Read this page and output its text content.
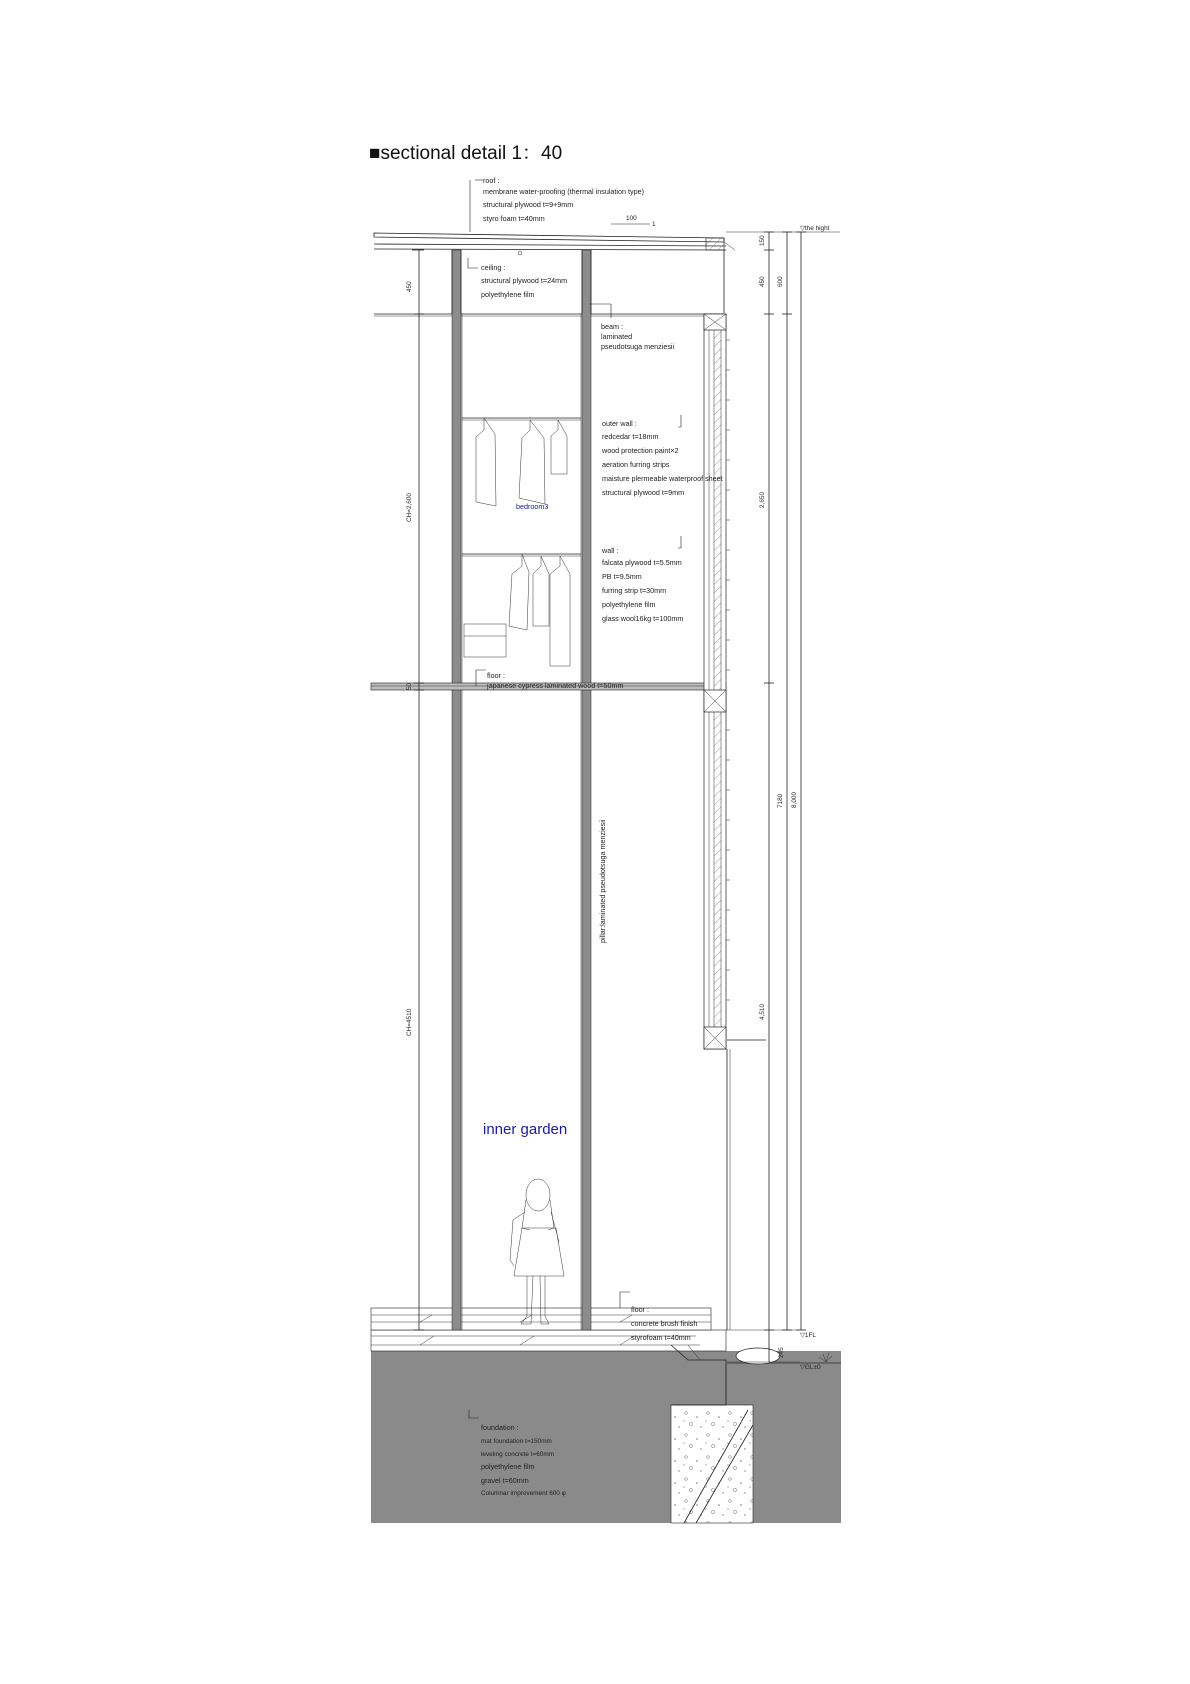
■sectional detail 1：40
100
1
450
CH=2,600
50
CH=4510
150
450 600
2,650
7180 8,000
4,510
245
▽the hight
▽1FL
▽GL±0
roof :
membrane water-proofing (thermal insulation type)
structural plywood t=9+9mm
styro foam t=40mm
ceiling :
structural plywood t=24mm
polyethylene film
beam :
laminated
pseudotsuga menziesii
outer wall :
redcedar t=18mm
wood protection paint×2
aeration furring strips
maisture plermeable waterproof sheet
structural plywood t=9mm
wall :
falcata plywood t=5.5mm
PB t=9.5mm
furring strip t=30mm
polyethylene film
glass wool16kg t=100mm
floor :
japanese cypress laminated wood t=50mm
pillar:laminated pseudotsuga menziesii
floor :
concrete brush finish
styrofoam t=40mm
foundation :
mat foundation t=150mm
leveling concrete t=60mm
polyethylene film
gravel t=60mm
Columnar improvement 600 φ
bedroom3
inner garden
